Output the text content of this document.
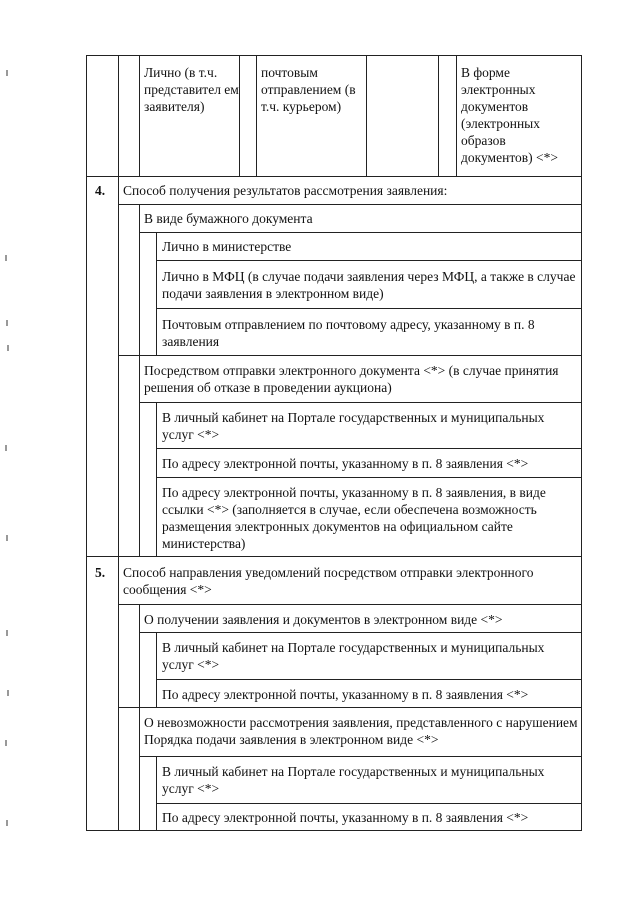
Лично (в т.ч. представител ем заявителя)
почтовым отправлением (в т.ч. курьером)
В форме электронных документов (электронных образов документов) <*>
4. Способ получения результатов рассмотрения заявления:
В виде бумажного документа
Лично в министерстве
Лично в МФЦ (в случае подачи заявления через МФЦ, а также в случае подачи заявления в электронном виде)
Почтовым отправлением по почтовому адресу, указанному в п. 8 заявления
Посредством отправки электронного документа <*> (в случае принятия решения об отказе в проведении аукциона)
В личный кабинет на Портале государственных и муниципальных услуг <*>
По адресу электронной почты, указанному в п. 8 заявления <*>
По адресу электронной почты, указанному в п. 8 заявления, в виде ссылки <*> (заполняется в случае, если обеспечена возможность размещения электронных документов на официальном сайте министерства)
5. Способ направления уведомлений посредством отправки электронного сообщения <*>
О получении заявления и документов в электронном виде <*>
В личный кабинет на Портале государственных и муниципальных услуг <*>
По адресу электронной почты, указанному в п. 8 заявления <*>
О невозможности рассмотрения заявления, представленного с нарушением Порядка подачи заявления в электронном виде <*>
В личный кабинет на Портале государственных и муниципальных услуг <*>
По адресу электронной почты, указанному в п. 8 заявления <*>
